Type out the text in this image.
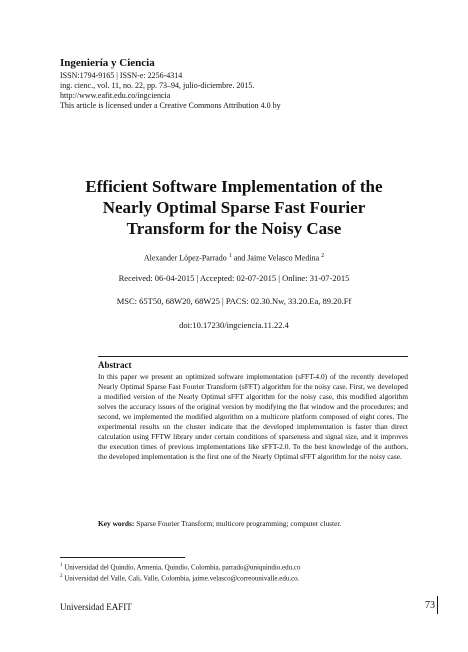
Ingeniería y Ciencia
ISSN:1794-9165 | ISSN-e: 2256-4314
ing. cienc., vol. 11, no. 22, pp. 73–94, julio-diciembre. 2015.
http://www.eafit.edu.co/ingciencia
This article is licensed under a Creative Commons Attribution 4.0 by
Efficient Software Implementation of the
Nearly Optimal Sparse Fast Fourier
Transform for the Noisy Case
Alexander López-Parrado $^1$ and Jaime Velasco Medina $^2$
Received: 06-04-2015 | Accepted: 02-07-2015 | Online: 31-07-2015
MSC: 65T50, 68W20, 68W25 | PACS: 02.30.Nw, 33.20.Ea, 89.20.Ff
doi:10.17230/ingciencia.11.22.4
Abstract
In this paper we present an optimized software implementation (sFFT-4.0) of the recently developed Nearly Optimal Sparse Fast Fourier Transform (sFFT) algorithm for the noisy case. First, we developed a modified version of the Nearly Optimal sFFT algorithm for the noisy case, this modified algorithm solves the accuracy issues of the original version by modifying the flat window and the procedures; and second, we implemented the modified algorithm on a multicore platform composed of eight cores. The experimental results on the cluster indicate that the developed implementation is faster than direct calculation using FFTW library under certain conditions of sparseness and signal size, and it improves the execution times of previous implementations like sFFT-2.0. To the best knowledge of the authors, the developed implementation is the first one of the Nearly Optimal sFFT algorithm for the noisy case.
Key words: Sparse Fourier Transform; multicore programming; computer cluster.
$^1$ Universidad del Quindío, Armenia, Quindío, Colombia, parrado@uniquindio.edu.co
$^2$ Universidad del Valle, Cali, Valle, Colombia, jaime.velasco@correounivalle.edu.co.
Universidad EAFIT	73
